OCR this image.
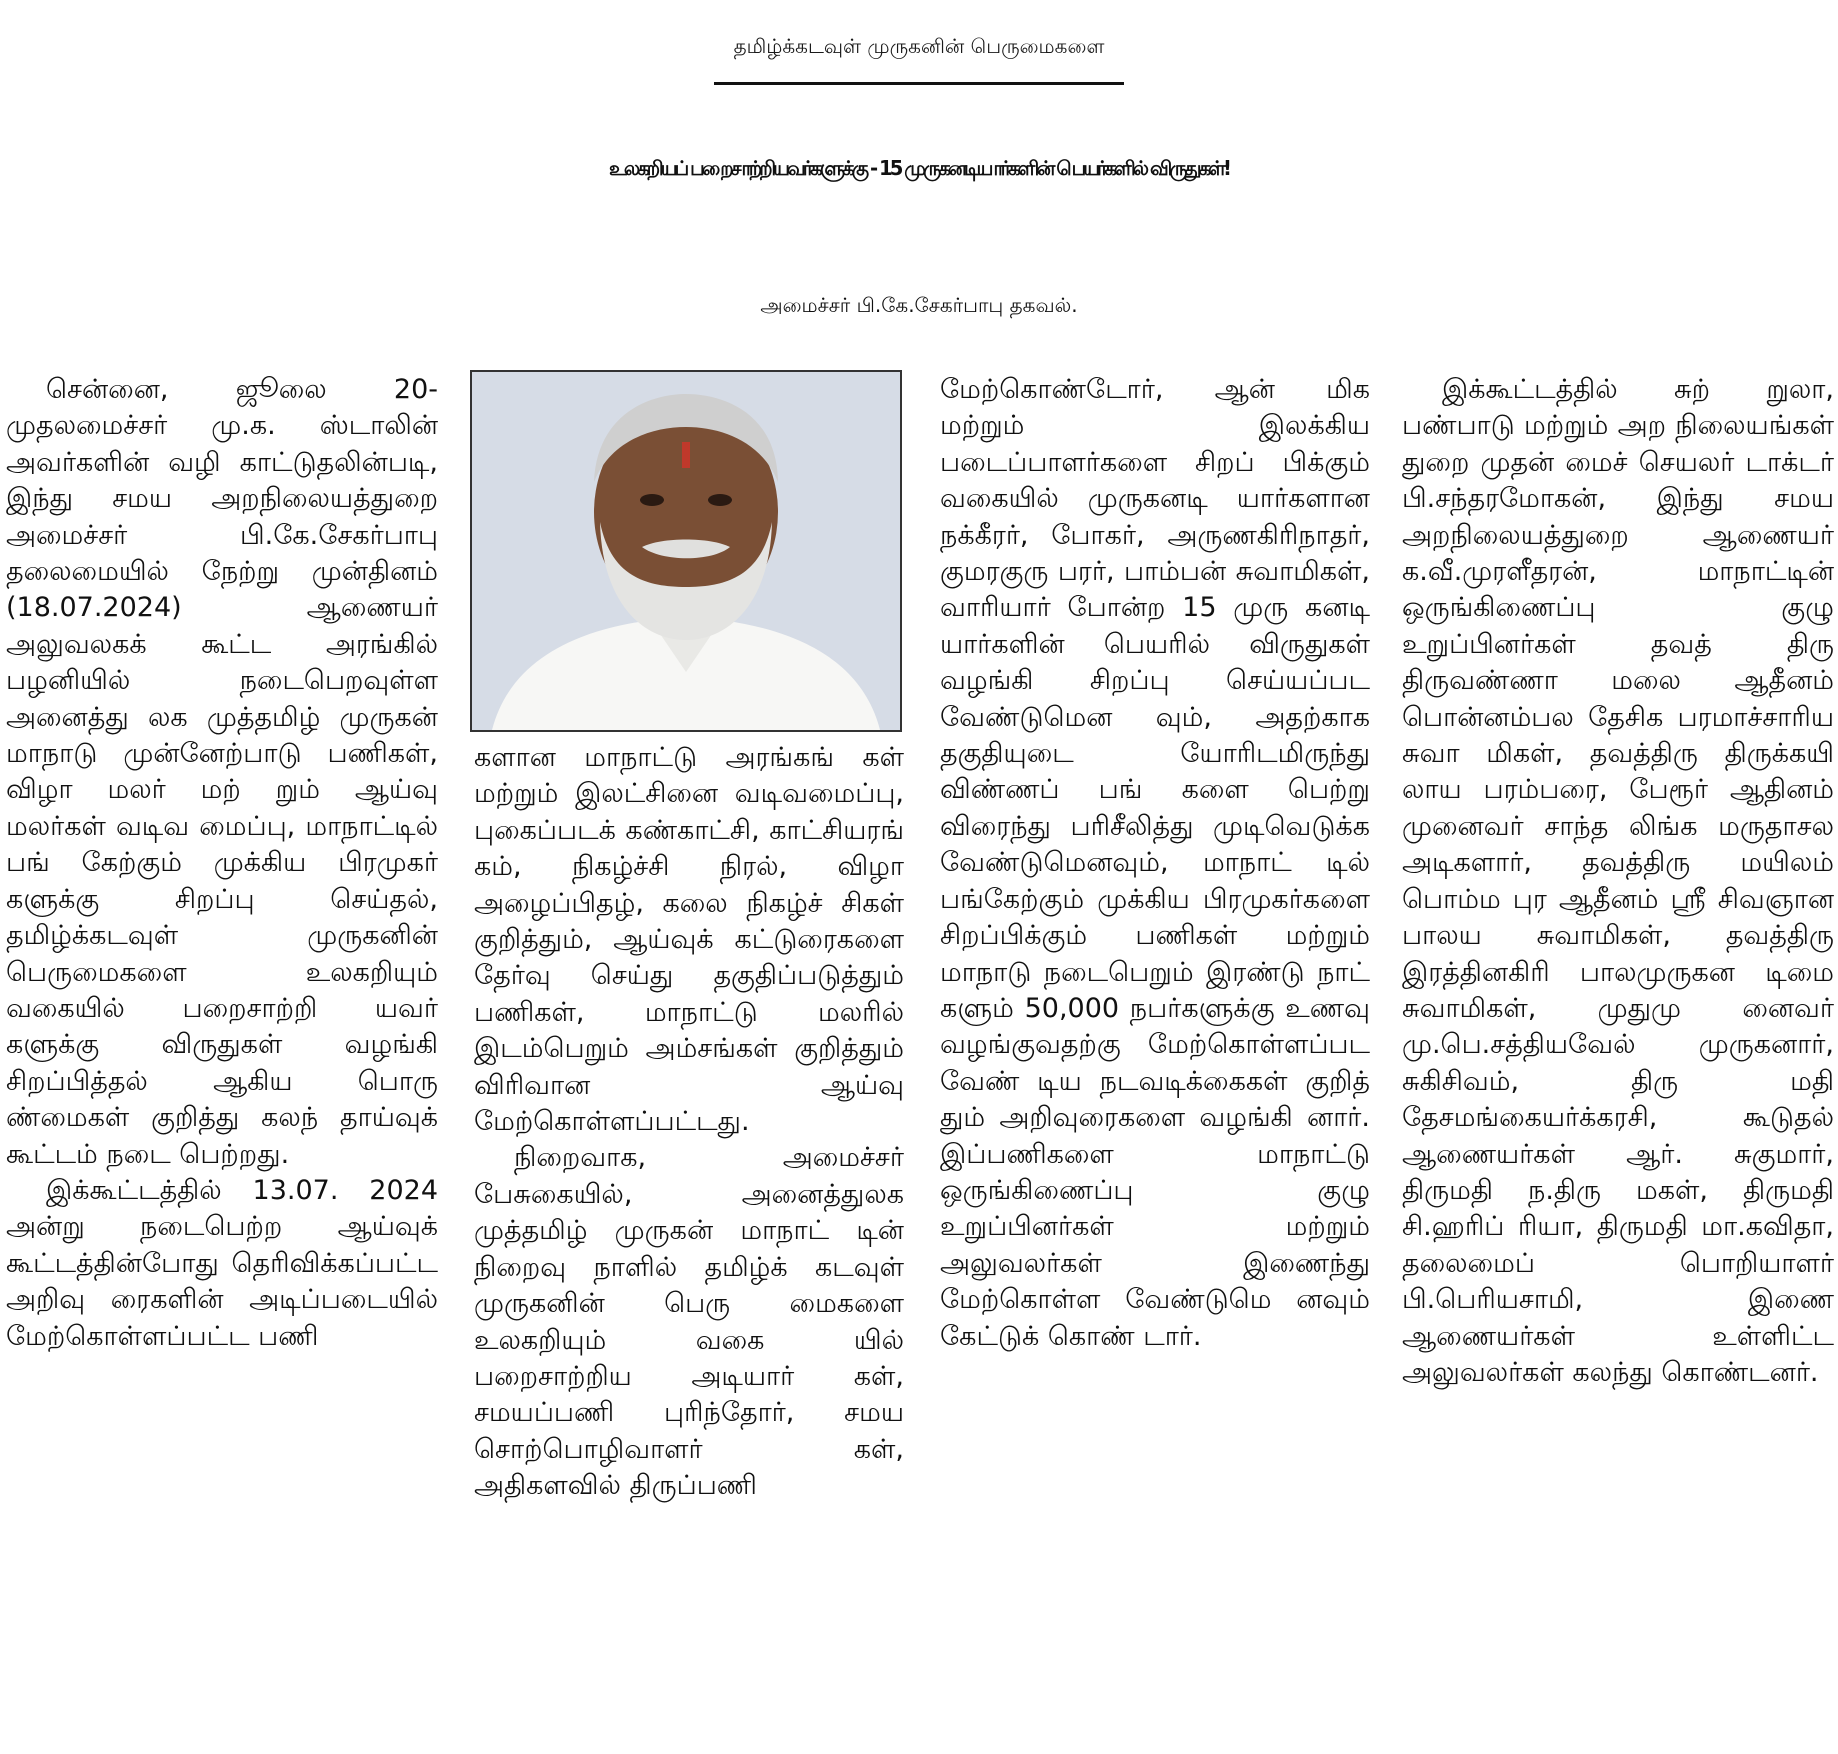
தமிழ்க்கடவுள் முருகனின் பெருமைகளை
உலகறியப் பறைசாற்றியவர்களுக்கு - 15 முருகனடியார்களின் பெயர்களில் விருதுகள்!
அமைச்சர் பி.கே.சேகர்பாபு தகவல்.

சென்னை, ஜூலை 20- முதலமைச்சர் மு.க. ஸ்டாலின் அவர்களின் வழி காட்டுதலின்படி, இந்து சமய அறநிலையத்துறை அமைச்சர் பி.கே.சேகர்பாபு தலைமையில் நேற்று முன்தினம் (18.07.2024) ஆணையர் அலுவலகக் கூட்ட அரங்கில் பழனியில் நடைபெறவுள்ள அனைத்து லக முத்தமிழ் முருகன் மாநாடு முன்னேற்பாடு பணிகள், விழா மலர் மற் றும் ஆய்வு மலர்கள் வடிவ மைப்பு, மாநாட்டில் பங் கேற்கும் முக்கிய பிரமுகர் களுக்கு சிறப்பு செய்தல், தமிழ்க்கடவுள் முருகனின் பெருமைகளை உலகறியும் வகையில் பறைசாற்றி யவர் களுக்கு விருதுகள் வழங்கி சிறப்பித்தல் ஆகிய பொரு ண்மைகள் குறித்து கலந் தாய்வுக் கூட்டம் நடை பெற்றது.

இக்கூட்டத்தில் 13.07. 2024 அன்று நடைபெற்ற ஆய்வுக் கூட்டத்தின்போது தெரிவிக்கப்பட்ட அறிவு ரைகளின் அடிப்படையில் மேற்கொள்ளப்பட்ட பணி

களான மாநாட்டு அரங்கங் கள் மற்றும் இலட்சினை வடிவமைப்பு, புகைப்படக் கண்காட்சி, காட்சியரங் கம், நிகழ்ச்சி நிரல், விழா அழைப்பிதழ், கலை நிகழ்ச் சிகள் குறித்தும், ஆய்வுக் கட்டுரைகளை தேர்வு செய்து தகுதிப்படுத்தும் பணிகள், மாநாட்டு மலரில் இடம்பெறும் அம்சங்கள் குறித்தும் விரிவான ஆய்வு மேற்கொள்ளப்பட்டது.

நிறைவாக, அமைச்சர் பேசுகையில், அனைத்துலக முத்தமிழ் முருகன் மாநாட் டின் நிறைவு நாளில் தமிழ்க் கடவுள் முருகனின் பெரு மைகளை உலகறியும் வகை யில் பறைசாற்றிய அடியார் கள், சமயப்பணி புரிந்தோர், சமய சொற்பொழிவாளர் கள், அதிகளவில் திருப்பணி

மேற்கொண்டோர், ஆன் மிக மற்றும் இலக்கிய படைப்பாளர்களை சிறப் பிக்கும் வகையில் முருகனடி யார்களான நக்கீரர், போகர், அருணகிரிநாதர், குமரகுரு பரர், பாம்பன் சுவாமிகள், வாரியார் போன்ற 15 முரு கனடி யார்களின் பெயரில் விருதுகள் வழங்கி சிறப்பு செய்யப்பட வேண்டுமென வும், அதற்காக தகுதியுடை யோரிடமிருந்து விண்ணப் பங் களை பெற்று விரைந்து பரிசீலித்து முடிவெடுக்க வேண்டுமெனவும், மாநாட் டில் பங்கேற்கும் முக்கிய பிரமுகர்களை சிறப்பிக்கும் பணிகள் மற்றும் மாநாடு நடைபெறும் இரண்டு நாட் களும் 50,000 நபர்களுக்கு உணவு வழங்குவதற்கு மேற்கொள்ளப்பட வேண் டிய நடவடிக்கைகள் குறித் தும் அறிவுரைகளை வழங்கி னார். இப்பணிகளை மாநாட்டு ஒருங்கிணைப்பு குழு உறுப்பினர்கள் மற்றும் அலுவலர்கள் இணைந்து மேற்கொள்ள வேண்டுமெ னவும் கேட்டுக் கொண் டார்.

இக்கூட்டத்தில் சுற் றுலா, பண்பாடு மற்றும் அற நிலையங்கள் துறை முதன் மைச் செயலர் டாக்டர் பி.சந்தரமோகன், இந்து சமய அறநிலையத்துறை ஆணையர் க.வீ.முரளீதரன், மாநாட்டின் ஒருங்கிணைப்பு குழு உறுப்பினர்கள் தவத் திரு திருவண்ணா மலை ஆதீனம் பொன்னம்பல தேசிக பரமாச்சாரிய சுவா மிகள், தவத்திரு திருக்கயி லாய பரம்பரை, பேரூர் ஆதினம் முனைவர் சாந்த லிங்க மருதாசல அடிகளார், தவத்திரு மயிலம் பொம்ம புர ஆதீனம் ஸ்ரீ சிவஞான பாலய சுவாமிகள், தவத்திரு இரத்தினகிரி பாலமுருகன டிமை சுவாமிகள், முதுமு னைவர் மு.பெ.சத்தியவேல் முருகனார், சுகிசிவம், திரு மதி தேசமங்கையர்க்கரசி, கூடுதல் ஆணையர்கள் ஆர். சுகுமார், திருமதி ந.திரு மகள், திருமதி சி.ஹரிப் ரியா, திருமதி மா.கவிதா, தலைமைப் பொறியாளர் பி.பெரியசாமி, இணை ஆணையர்கள் உள்ளிட்ட அலுவலர்கள் கலந்து கொண்டனர்.
